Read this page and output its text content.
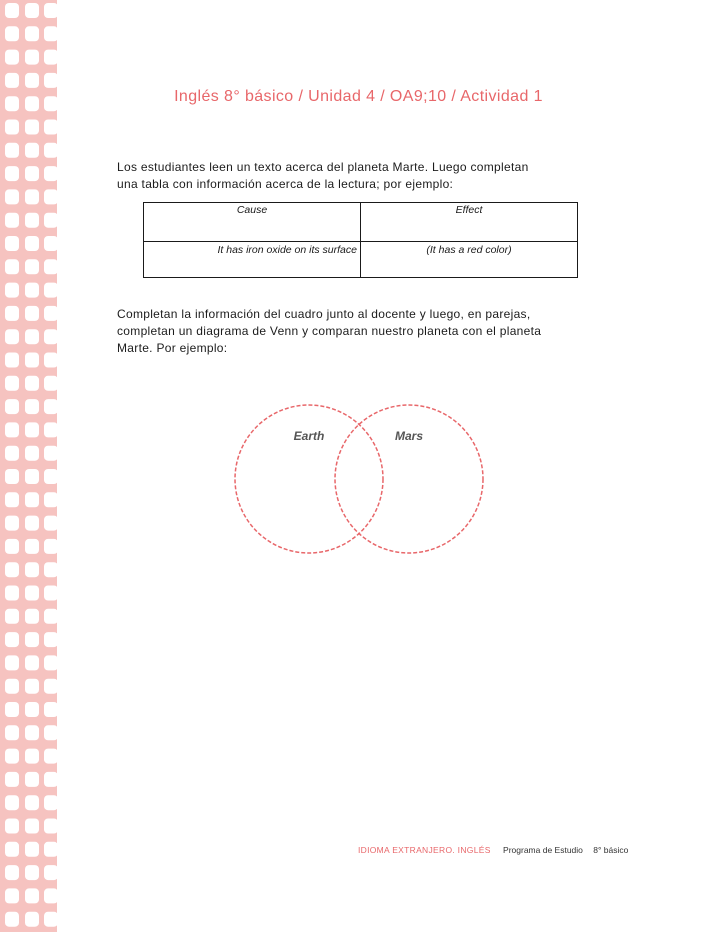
Inglés 8° básico / Unidad 4 / OA9;10 / Actividad 1
Los estudiantes leen un texto acerca del planeta Marte. Luego completan
una tabla con información acerca de la lectura; por ejemplo:
Cause	Effect
It has iron oxide on its surface	(It has a red color)
Completan la información del cuadro junto al docente y luego, en parejas,
completan un diagrama de Venn y comparan nuestro planeta con el planeta
Marte. Por ejemplo:
Earth	Mars
IDIOMA EXTRANJERO. INGLÉS Programa de Estudio 8° básico
